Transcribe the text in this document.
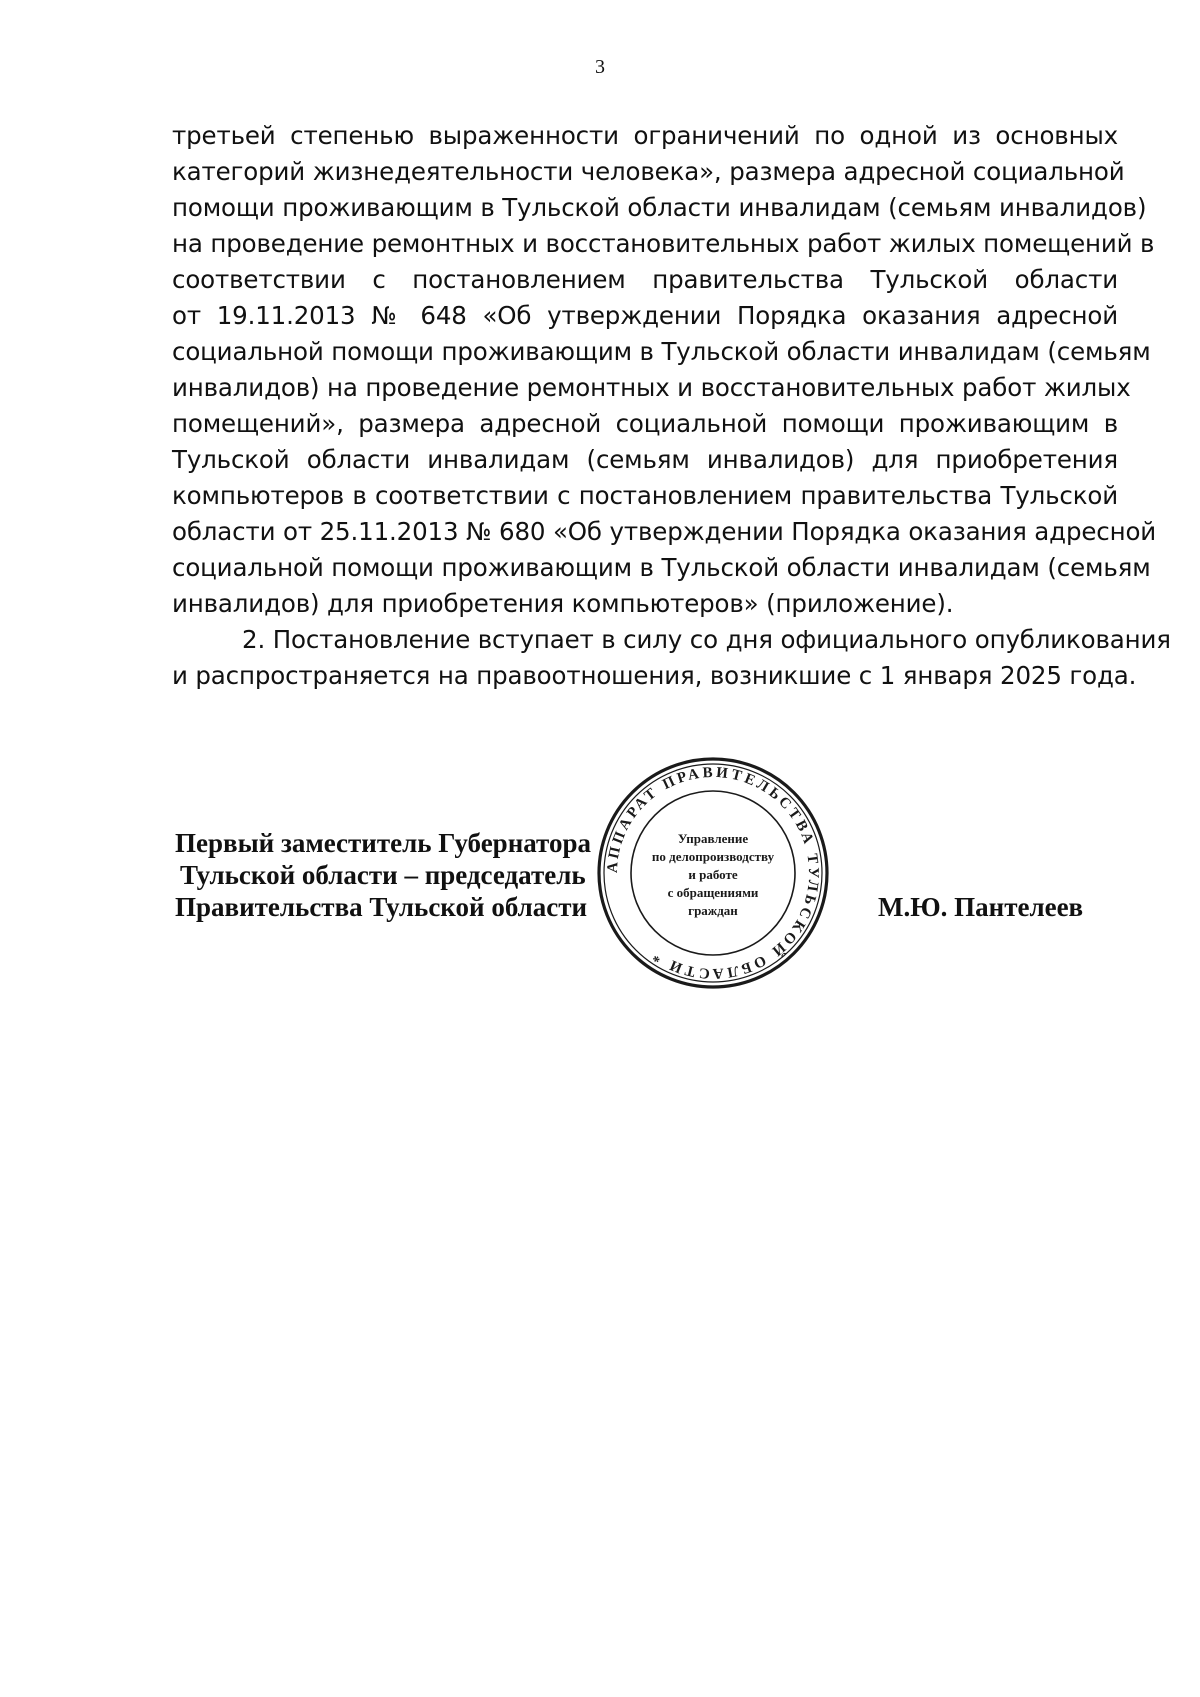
3
третьей степенью выраженности ограничений по одной из основных
категорий жизнедеятельности человека», размера адресной социальной
помощи проживающим в Тульской области инвалидам (семьям инвалидов)
на проведение ремонтных и восстановительных работ жилых помещений в
соответствии с постановлением правительства Тульской области
от 19.11.2013 № 648 «Об утверждении Порядка оказания адресной
социальной помощи проживающим в Тульской области инвалидам (семьям
инвалидов) на проведение ремонтных и восстановительных работ жилых
помещений», размера адресной социальной помощи проживающим в
Тульской области инвалидам (семьям инвалидов) для приобретения
компьютеров в соответствии с постановлением правительства Тульской
области от 25.11.2013 № 680 «Об утверждении Порядка оказания адресной
социальной помощи проживающим в Тульской области инвалидам (семьям
инвалидов) для приобретения компьютеров» (приложение).
2. Постановление вступает в силу со дня официального опубликования
и распространяется на правоотношения, возникшие с 1 января 2025 года.
Первый заместитель Губернатора
Тульской области – председатель
Правительства Тульской области	М.Ю. Пантелеев
АППАРАТ ПРАВИТЕЛЬСТВА ТУЛЬСКОЙ ОБЛАСТИ *
Управление
по делопроизводству
и работе
с обращениями
граждан
